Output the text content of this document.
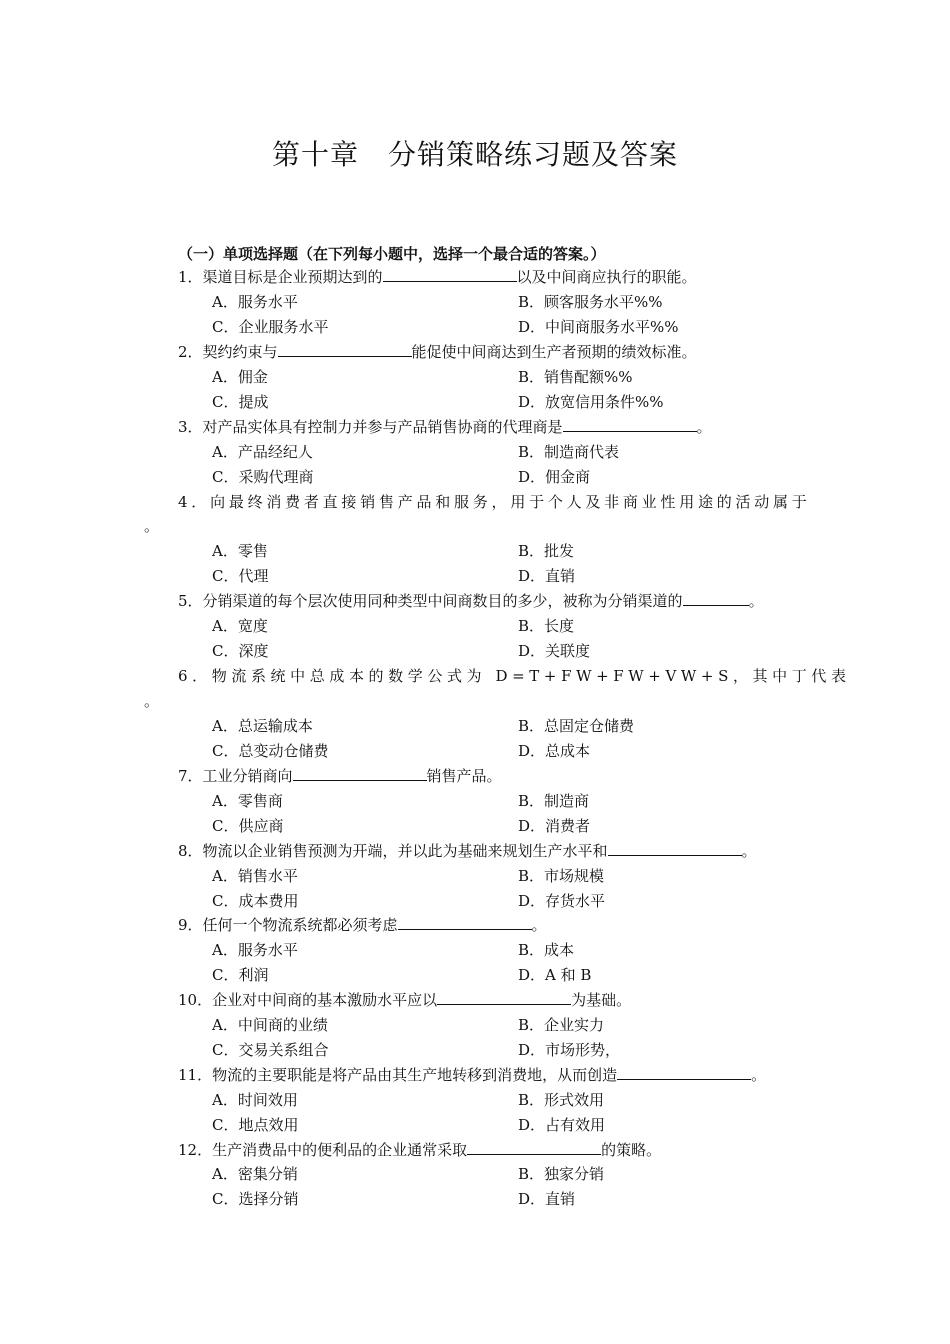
第十章　分销策略练习题及答案
（一）单项选择题（在下列每小题中，选择一个最合适的答案。）
1．渠道目标是企业预期达到的	以及中间商应执行的职能。
A．服务水平	B．顾客服务水平%%
C．企业服务水平	D．中间商服务水平%%
2．契约约束与	能促使中间商达到生产者预期的绩效标准。
A．佣金	B．销售配额%%
C．提成	D．放宽信用条件%%
3．对产品实体具有控制力并参与产品销售协商的代理商是	。
A．产品经纪人	B．制造商代表
C．采购代理商	D．佣金商
4．向最终消费者直接销售产品和服务，用于个人及非商业性用途的活动属于
。
A．零售	B．批发
C．代理	D．直销
5．分销渠道的每个层次使用同种类型中间商数目的多少，被称为分销渠道的	。
A．宽度	B．长度
C．深度	D．关联度
6．物流系统中总成本的数学公式为 D=T+FW+FW+VW+S，其中丁代表
。
A．总运输成本	B．总固定仓储费
C．总变动仓储费	D．总成本
7．工业分销商向	销售产品。
A．零售商	B．制造商
C．供应商	D．消费者
8．物流以企业销售预测为开端，并以此为基础来规划生产水平和	。
A．销售水平	B．市场规模
C．成本费用	D．存货水平
9．任何一个物流系统都必须考虑	。
A．服务水平	B．成本
C．利润	D．A 和 B
10．企业对中间商的基本激励水平应以	为基础。
A．中间商的业绩	B．企业实力
C．交易关系组合	D．市场形势，
11．物流的主要职能是将产品由其生产地转移到消费地，从而创造	。
A．时间效用	B．形式效用
C．地点效用	D．占有效用
12．生产消费品中的便利品的企业通常采取	的策略。
A．密集分销	B．独家分销
C．选择分销	D．直销
